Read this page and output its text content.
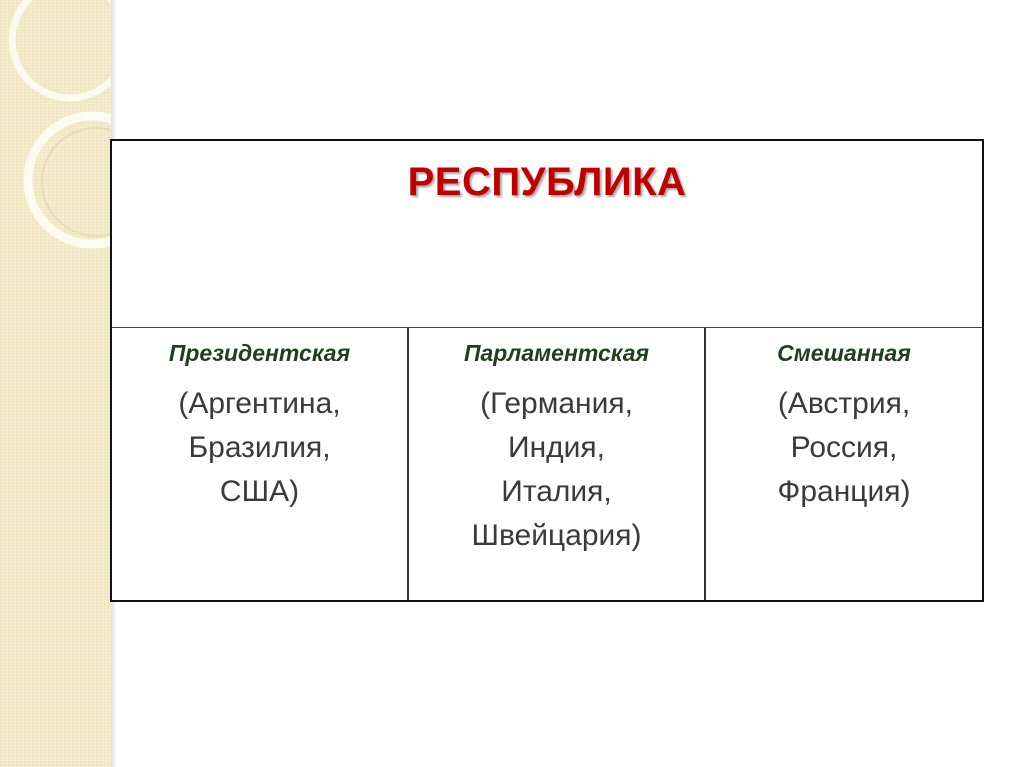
РЕСПУБЛИКА
Президентская
(Аргентина,
Бразилия,
США)
Парламентская
(Германия,
Индия,
Италия,
Швейцария)
Смешанная
(Австрия,
Россия,
Франция)
